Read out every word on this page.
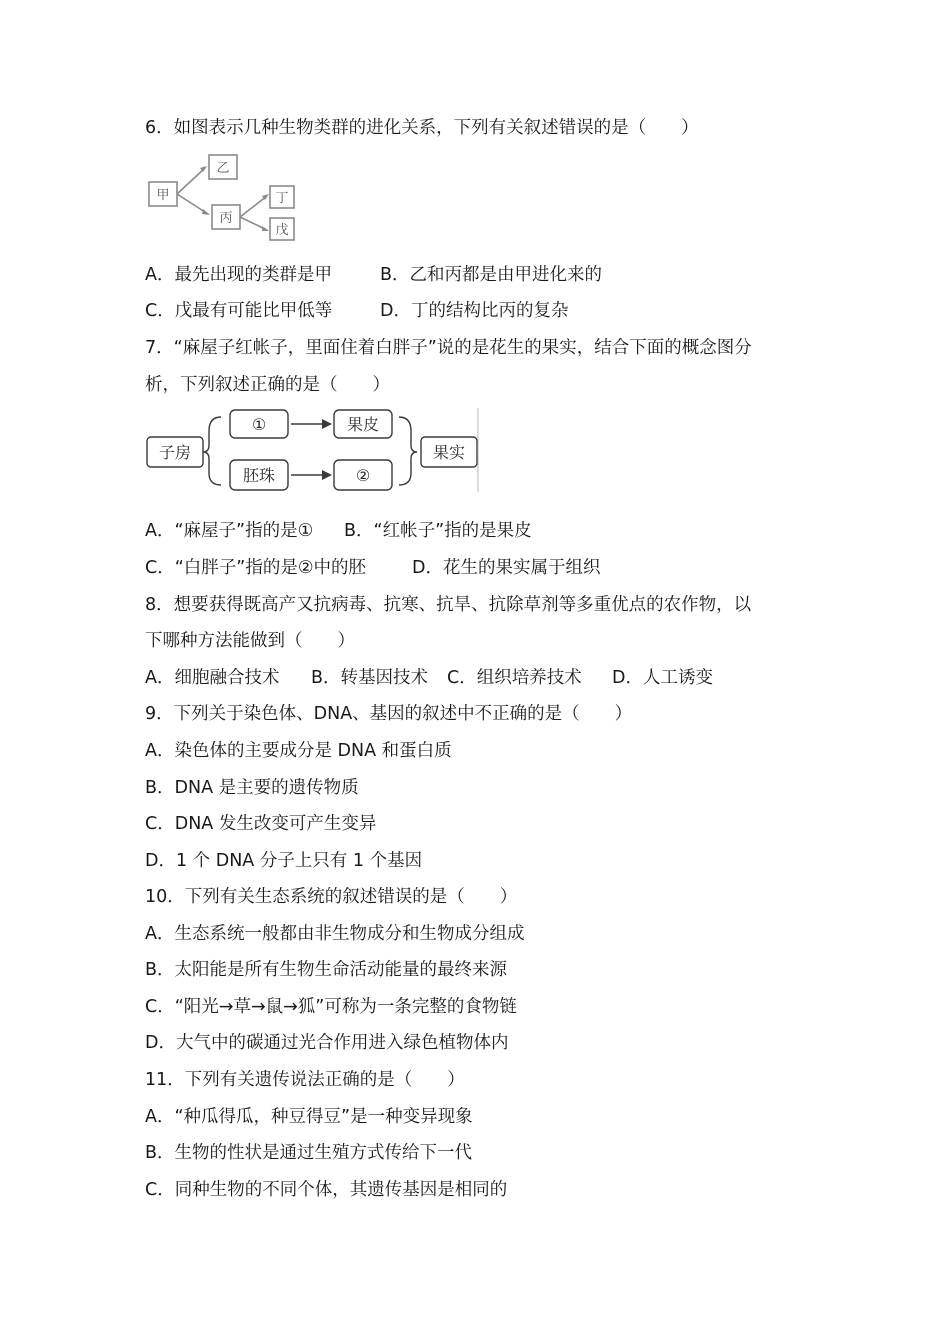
6．如图表示几种生物类群的进化关系，下列有关叙述错误的是（　　）
甲
乙
丙
丁
戊
A．最先出现的类群是甲	B．乙和丙都是由甲进化来的
C．戊最有可能比甲低等	D．丁的结构比丙的复杂
7．“麻屋子红帐子，里面住着白胖子”说的是花生的果实，结合下面的概念图分
析，下列叙述正确的是（　　）
子房
①	果皮
胚珠	②
果实
A．“麻屋子”指的是① B．“红帐子”指的是果皮
C．“白胖子”指的是②中的胚	D．花生的果实属于组织
8．想要获得既高产又抗病毒、抗寒、抗旱、抗除草剂等多重优点的农作物，以
下哪种方法能做到（　　）
A．细胞融合技术 B．转基因技术 C．组织培养技术 D．人工诱变
9．下列关于染色体、DNA、基因的叙述中不正确的是（　　）
A．染色体的主要成分是 DNA 和蛋白质
B．DNA 是主要的遗传物质
C．DNA 发生改变可产生变异
D．1 个 DNA 分子上只有 1 个基因
10．下列有关生态系统的叙述错误的是（　　）
A．生态系统一般都由非生物成分和生物成分组成
B．太阳能是所有生物生命活动能量的最终来源
C．“阳光→草→鼠→狐”可称为一条完整的食物链
D．大气中的碳通过光合作用进入绿色植物体内
11．下列有关遗传说法正确的是（　　）
A．“种瓜得瓜，种豆得豆”是一种变异现象
B．生物的性状是通过生殖方式传给下一代
C．同种生物的不同个体，其遗传基因是相同的
